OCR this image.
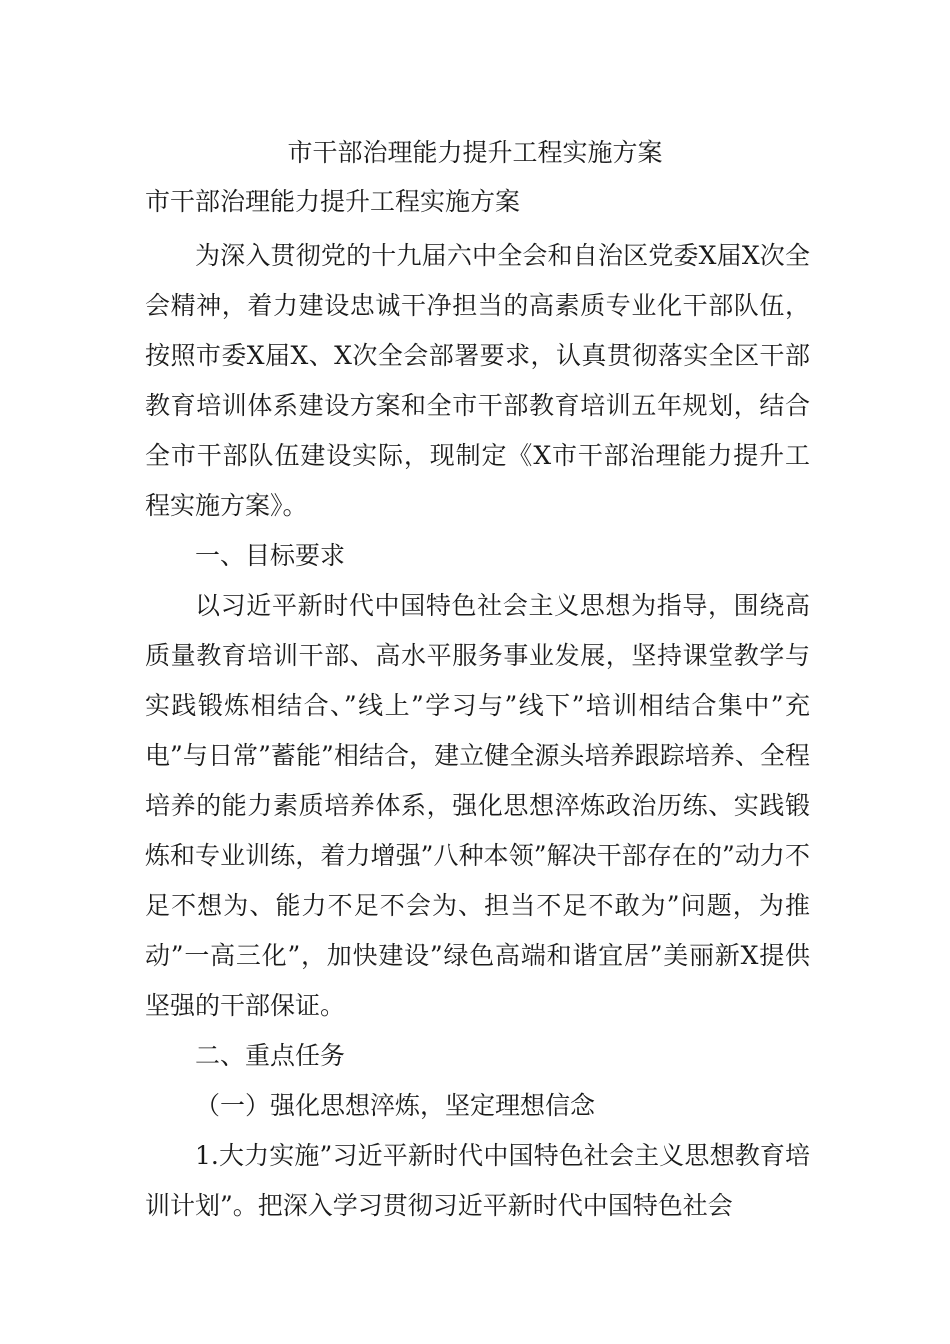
市干部治理能力提升工程实施方案

市干部治理能力提升工程实施方案

为深入贯彻党的十九届六中全会和自治区党委X届X次全会精神，着力建设忠诚干净担当的高素质专业化干部队伍，按照市委X届X、X次全会部署要求，认真贯彻落实全区干部教育培训体系建设方案和全市干部教育培训五年规划，结合全市干部队伍建设实际，现制定《X市干部治理能力提升工程实施方案》。

一、目标要求

以习近平新时代中国特色社会主义思想为指导，围绕高质量教育培训干部、高水平服务事业发展，坚持课堂教学与实践锻炼相结合、”线上”学习与”线下”培训相结合集中”充电”与日常”蓄能”相结合，建立健全源头培养跟踪培养、全程培养的能力素质培养体系，强化思想淬炼政治历练、实践锻炼和专业训练，着力增强”八种本领”解决干部存在的”动力不足不想为、能力不足不会为、担当不足不敢为”问题，为推动”一高三化”，加快建设”绿色高端和谐宜居”美丽新X提供坚强的干部保证。

二、重点任务

（一）强化思想淬炼，坚定理想信念

1.大力实施”习近平新时代中国特色社会主义思想教育培训计划”。把深入学习贯彻习近平新时代中国特色社会
